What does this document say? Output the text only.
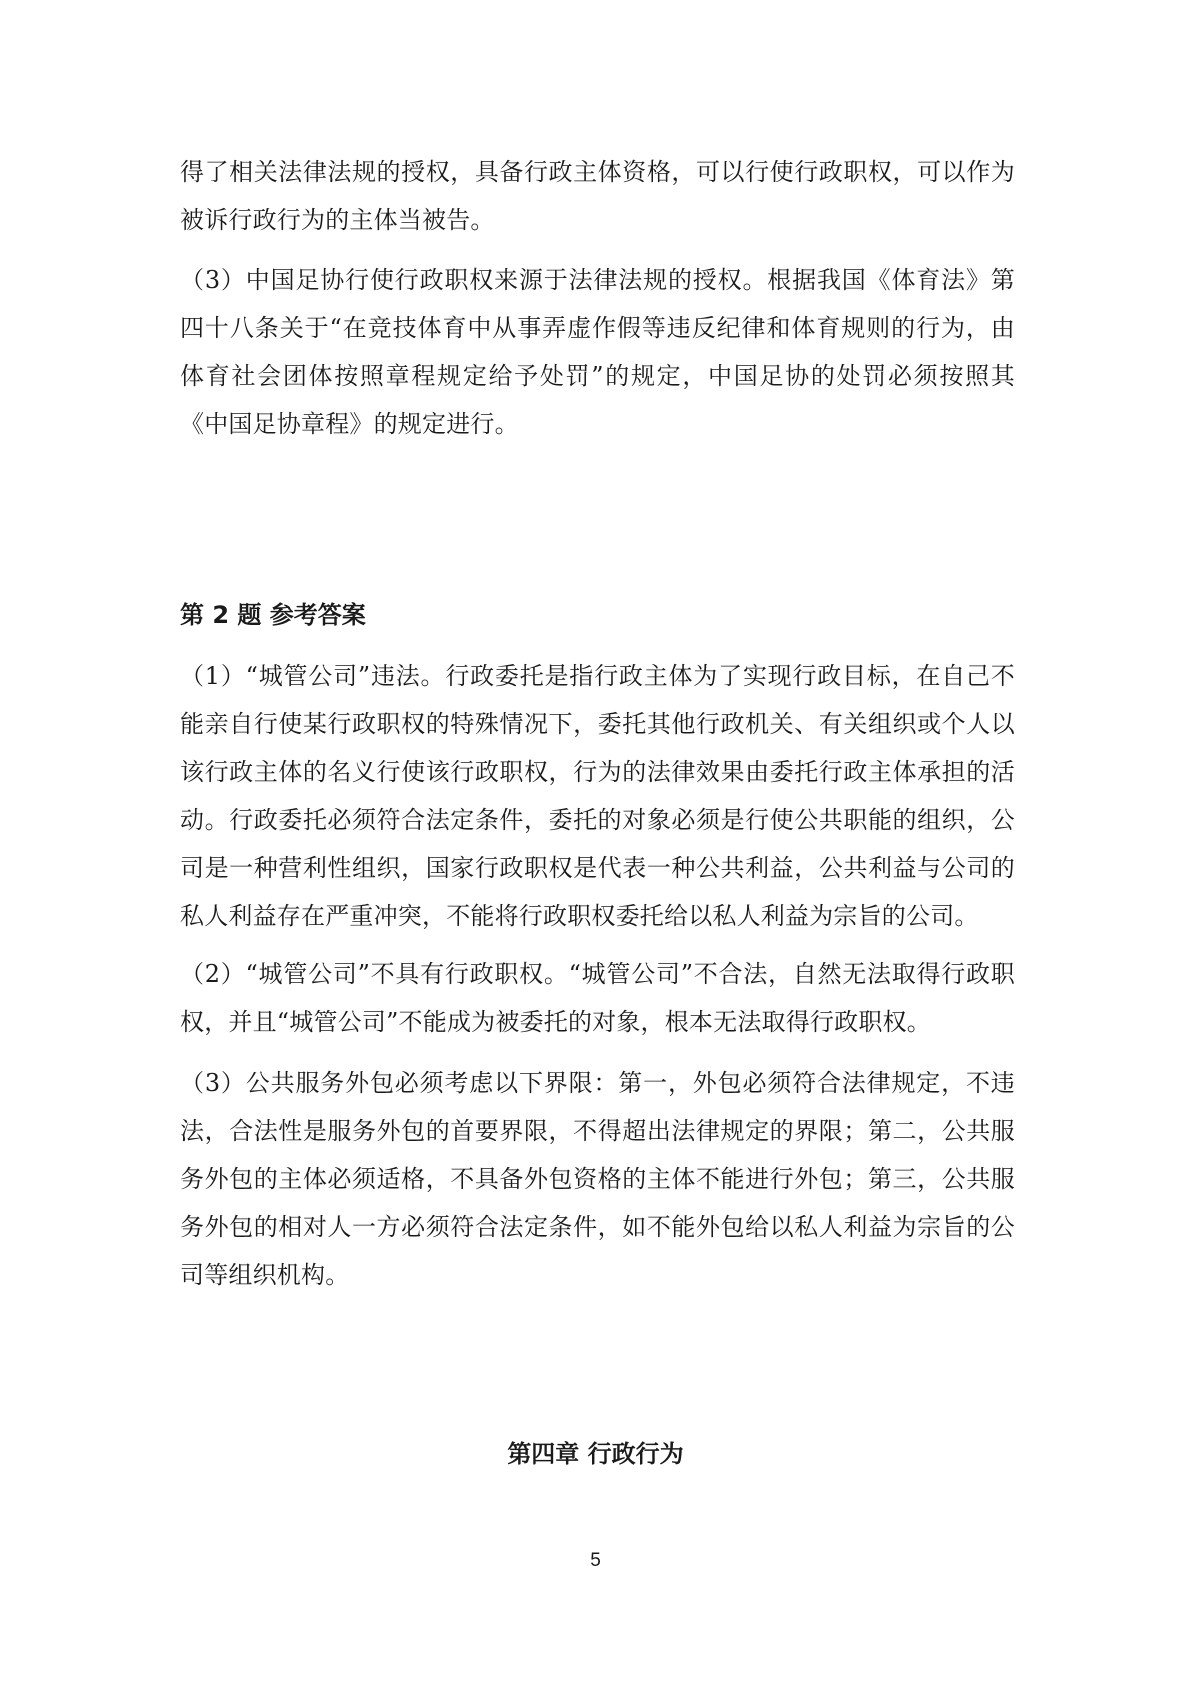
得了相关法律法规的授权，具备行政主体资格，可以行使行政职权，可以作为被诉行政行为的主体当被告。

（3）中国足协行使行政职权来源于法律法规的授权。根据我国《体育法》第四十八条关于“在竞技体育中从事弄虚作假等违反纪律和体育规则的行为，由体育社会团体按照章程规定给予处罚”的规定，中国足协的处罚必须按照其《中国足协章程》的规定进行。

第 2 题 参考答案

（1）“城管公司”违法。行政委托是指行政主体为了实现行政目标，在自己不能亲自行使某行政职权的特殊情况下，委托其他行政机关、有关组织或个人以该行政主体的名义行使该行政职权，行为的法律效果由委托行政主体承担的活动。行政委托必须符合法定条件，委托的对象必须是行使公共职能的组织，公司是一种营利性组织，国家行政职权是代表一种公共利益，公共利益与公司的私人利益存在严重冲突，不能将行政职权委托给以私人利益为宗旨的公司。

（2）“城管公司”不具有行政职权。“城管公司”不合法，自然无法取得行政职权，并且“城管公司”不能成为被委托的对象，根本无法取得行政职权。

（3）公共服务外包必须考虑以下界限：第一，外包必须符合法律规定，不违法，合法性是服务外包的首要界限，不得超出法律规定的界限；第二，公共服务外包的主体必须适格，不具备外包资格的主体不能进行外包；第三，公共服务外包的相对人一方必须符合法定条件，如不能外包给以私人利益为宗旨的公司等组织机构。

第四章 行政行为
5
